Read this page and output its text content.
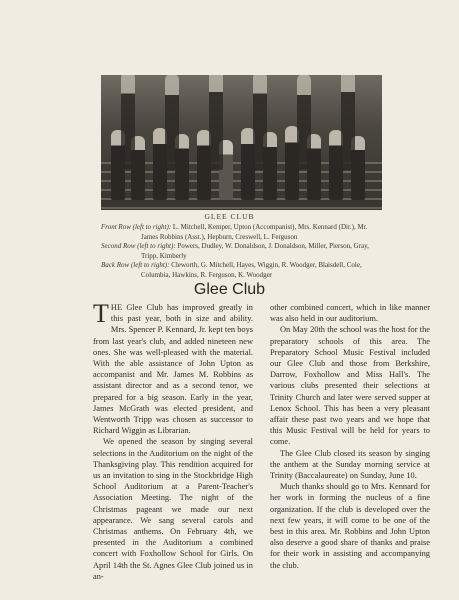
GLEE CLUB
Front Row (left to right): L. Mitchell, Kemper, Upton (Accompanist), Mrs. Kennard (Dir.), Mr.
James Robbins (Asst.), Hepburn, Creswell, L. Ferguson
Second Row (left to right): Powers, Dudley, W. Donaldson, J. Donaldson, Miller, Pierson, Gray,
Tripp, Kimberly
Glee Club

THE Glee Club has improved greatly in this past year, both in size and ability. Mrs. Spencer P. Kennard, Jr. kept ten boys from last year's club, and added nineteen new ones. She was well-pleased with the material. With the able assistance of John Upton as accompanist and Mr. James M. Robbins as assistant director and as a second tenor, we prepared for a big season. Early in the year, James McGrath was elected president, and Wentworth Tripp was chosen as successor to Richard Wiggin as Librarian.

We opened the season by singing several selections in the Auditorium on the night of the Thanksgiving play. This rendition acquired for us an invitation to sing in the Stockbridge High School Auditorium at a Parent-Teacher's Association Meeting. The night of the Christmas pageant we made our next appearance. We sang several carols and Christmas anthems. On February 4th, we presented in the Auditorium a combined concert with Foxhollow School for Girls. On April 14th the St. Agnes Glee Club joined us in an-

other combined concert, which in like manner was also held in our auditorium.

On May 20th the school was the host for the preparatory schools of this area. The Preparatory School Music Festival included our Glee Club and those from Berkshire, Darrow, Foxhollow and Miss Hall's. The various clubs presented their selections at Trinity Church and later were served supper at Lenox School. This has been a very pleasant affair these past two years and we hope that this Music Festival will be held for years to come.

The Glee Club closed its season by singing the anthem at the Sunday morning service at Trinity (Baccalaureate) on Sunday, June 10.

Much thanks should go to Mrs. Kennard for her work in forming the nucleus of a fine organization. If the club is developed over the next few years, it will come to be one of the best in this area. Mr. Robbins and John Upton also deserve a good share of thanks and praise for their work in assisting and accompanying the club.

Back Row (left to right): Cleworth, G. Mitchell, Hayes, Wiggin, R. Woodger, Blaisdell, Cole,
Columbia, Hawkins, R. Ferguson, K. Woodger
